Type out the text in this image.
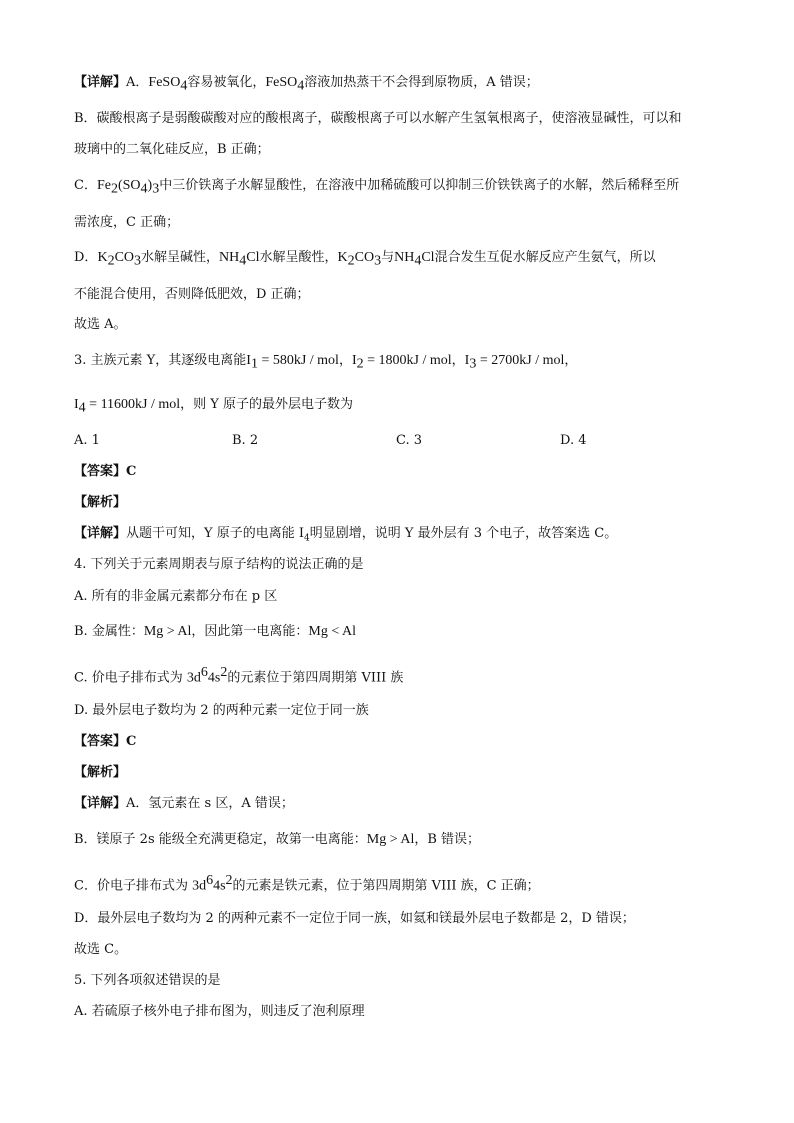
【详解】A．FeSO$_4$容易被氧化，FeSO$_4$溶液加热蒸干不会得到原物质，A 错误；
B．碳酸根离子是弱酸碳酸对应的酸根离子，碳酸根离子可以水解产生氢氧根离子，使溶液显碱性，可以和
玻璃中的二氧化硅反应，B 正确；
C．$Fe_2(SO_4)_3$中三价铁离子水解显酸性，在溶液中加稀硫酸可以抑制三价铁铁离子的水解，然后稀释至所
需浓度，C 正确；
D．$K_2CO_3$水解呈碱性，$NH_4Cl$水解呈酸性，$K_2CO_3$与$NH_4Cl$混合发生互促水解反应产生氨气，所以
不能混合使用，否则降低肥效，D 正确；
故选 A。
3. 主族元素 Y，其逐级电离能$I_1 = 580kJ$ / mol，$I_2 = 1800kJ$ / mol，$I_3 = 2700kJ$ / mol，
$I_4 = 11600kJ$ / mol，则 Y 原子的最外层电子数为
A. 1	B. 2	C. 3	D. 4
【答案】C
【解析】
【详解】从题干可知，Y 原子的电离能 $I_4$明显剧增，说明 Y 最外层有 3 个电子，故答案选 C。
4. 下列关于元素周期表与原子结构的说法正确的是
A. 所有的非金属元素都分布在 p 区
B. 金属性：Mg > Al，因此第一电离能：Mg < Al
C. 价电子排布式为 $3d^64s^2$的元素位于第四周期第 VIII 族
D. 最外层电子数均为 2 的两种元素一定位于同一族
【答案】C
【解析】
【详解】A．氢元素在 s 区，A 错误；
B．镁原子 2s 能级全充满更稳定，故第一电离能：Mg > Al，B 错误；
C．价电子排布式为 $3d^64s^2$的元素是铁元素，位于第四周期第 VIII 族，C 正确；
D．最外层电子数均为 2 的两种元素不一定位于同一族，如氦和镁最外层电子数都是 2，D 错误；
故选 C。
5. 下列各项叙述错误的是
A. 若硫原子核外电子排布图为，则违反了泡利原理
